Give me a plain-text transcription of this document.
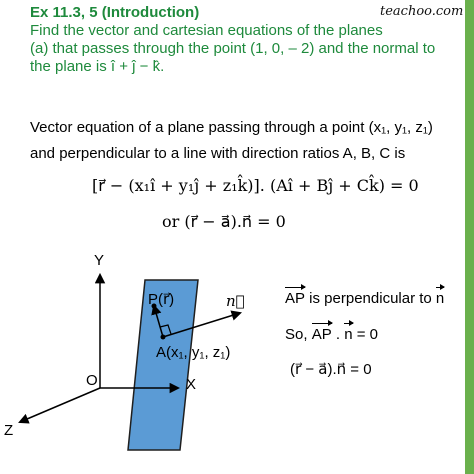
teachoo.com
Ex 11.3, 5 (Introduction)
Find the vector and cartesian equations of the planes
(a) that passes through the point (1, 0, – 2) and the normal to
the plane is î + ĵ − k̂.
Vector equation of a plane passing through a point (x₁, y₁, z₁)
and perpendicular to a line with direction ratios A, B, C is
[r⃗ − (x₁î + y₁ĵ + z₁k̂)]. (Aî + Bĵ + Ck̂) = 0
or (r⃗ − a⃗).n⃗ = 0
Y
X
Z
O
P(r⃗)	n⃗
A(x₁, y₁, z₁)
AP is perpendicular to n
So, AP . n = 0
(r⃗ − a⃗).n⃗ = 0
